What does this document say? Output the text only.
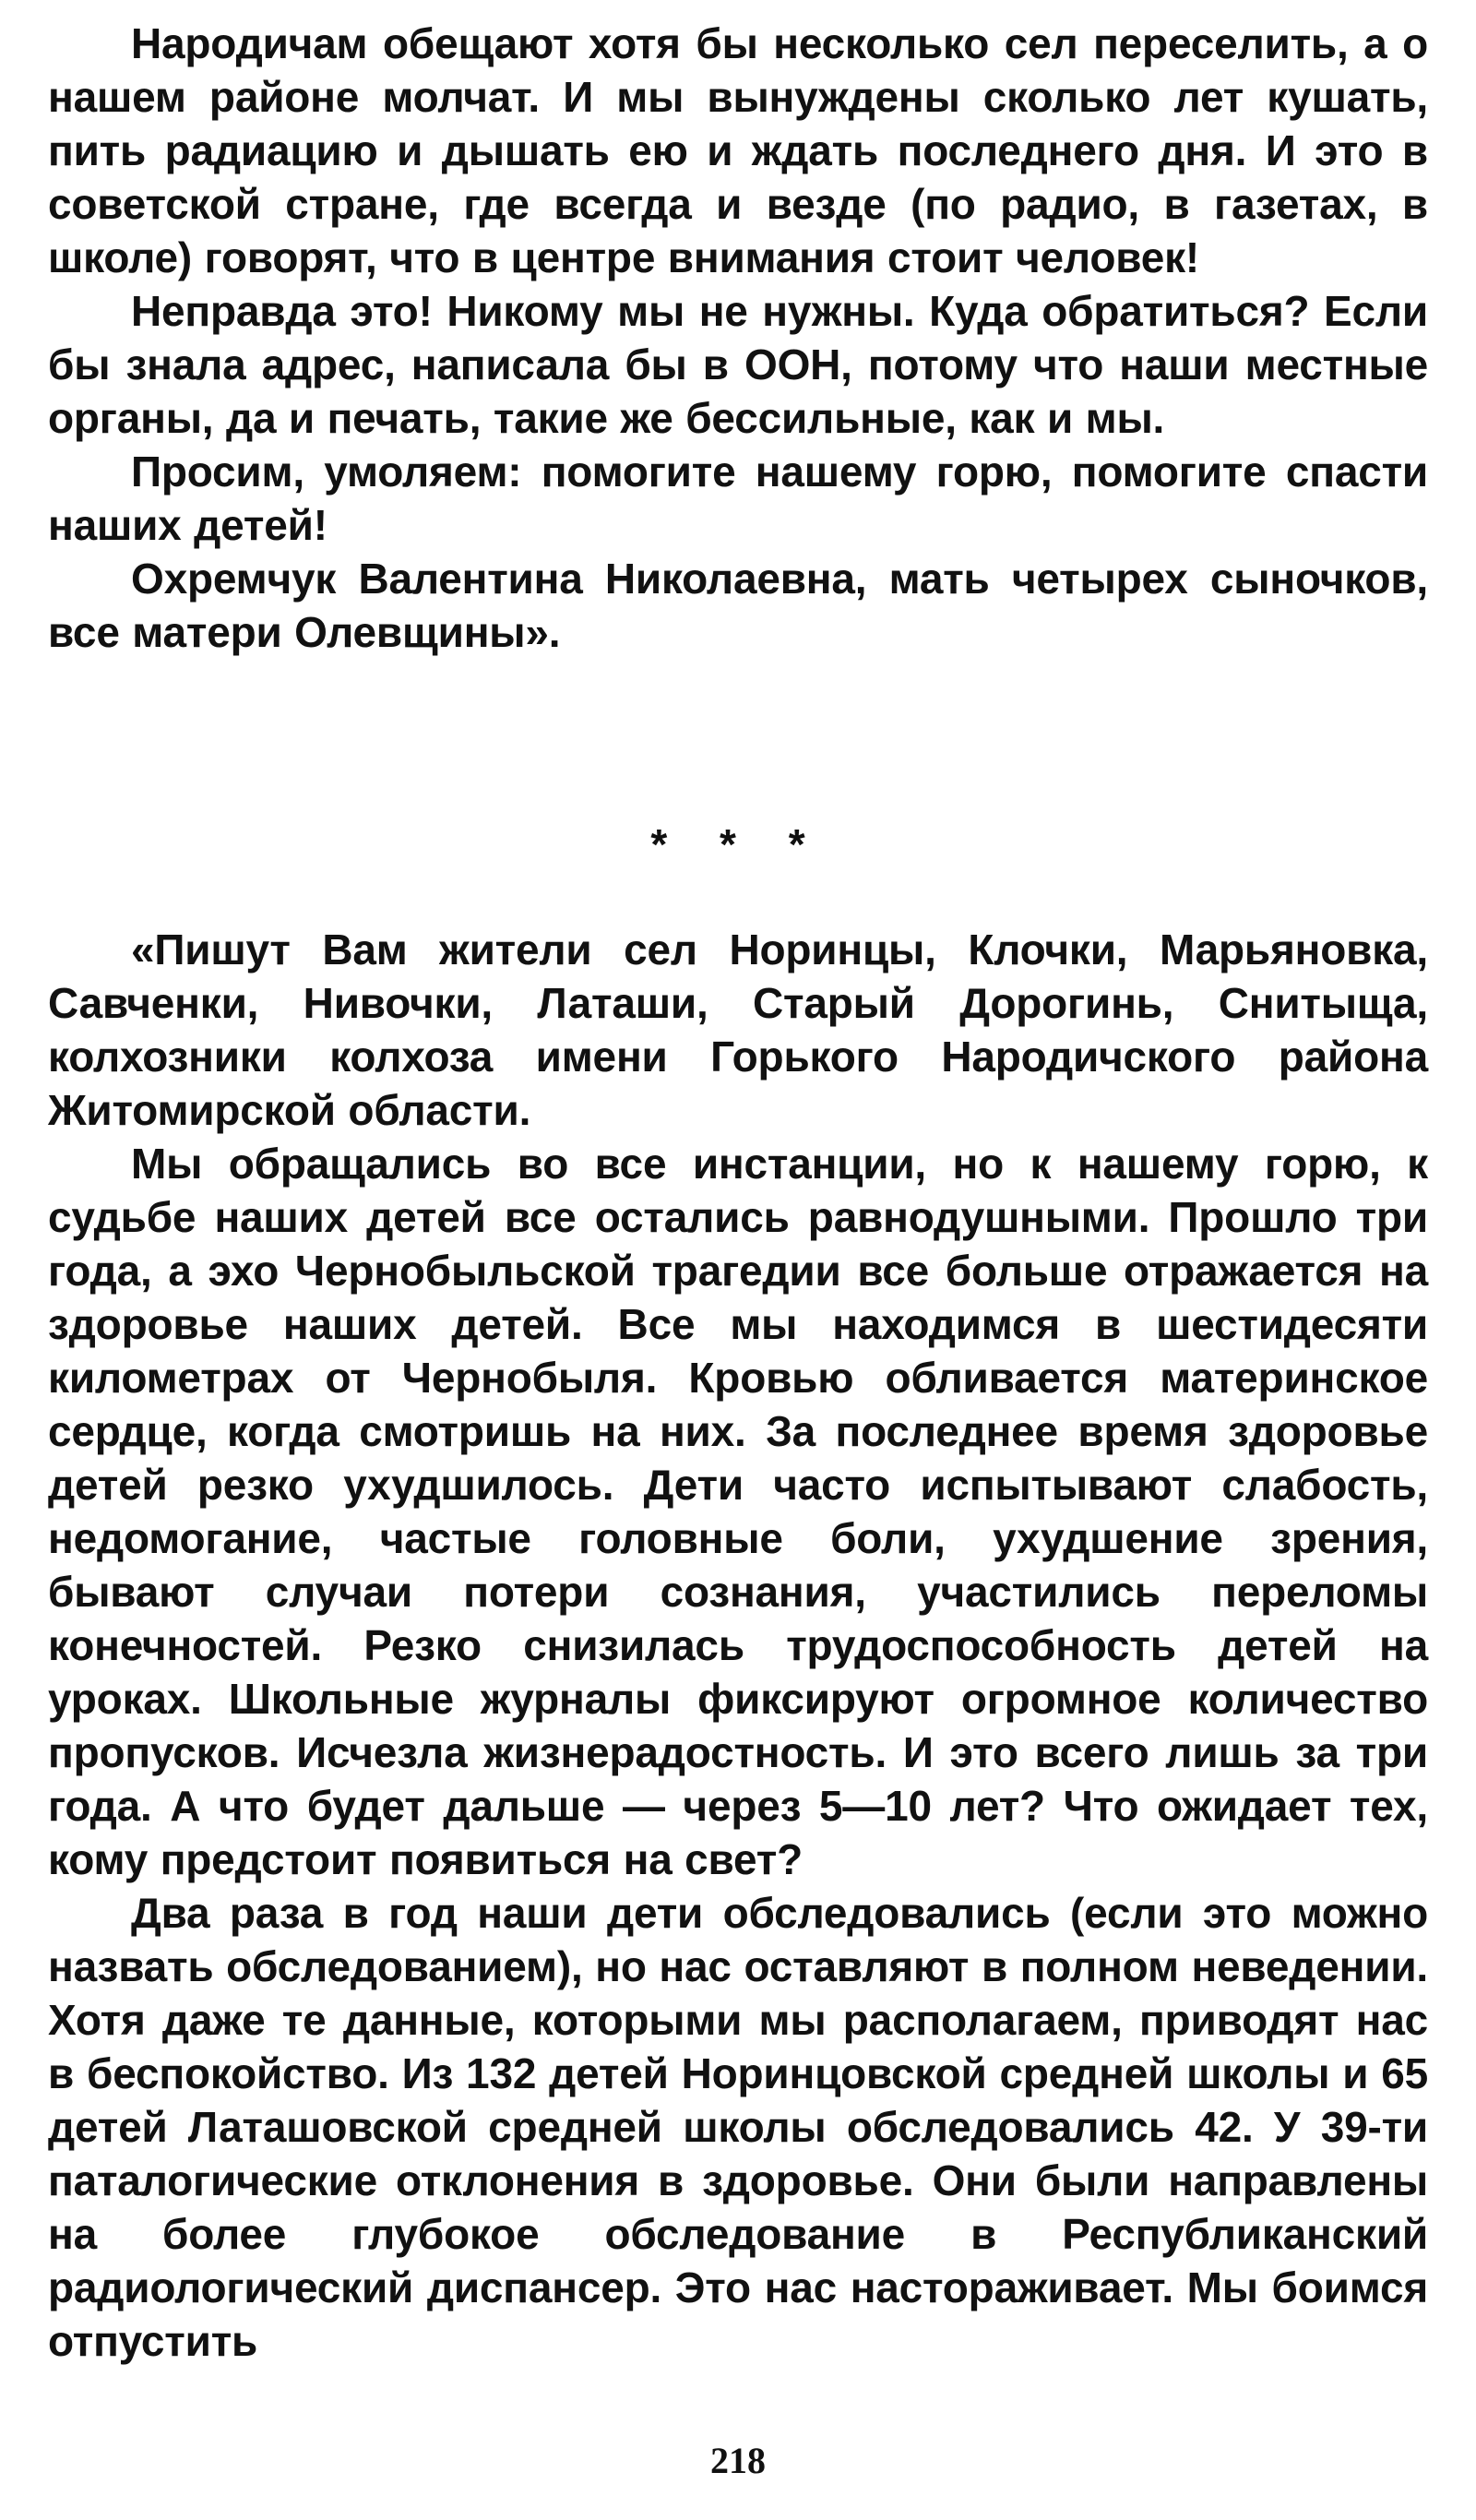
Народичам обещают хотя бы несколько сел переселить, а о нашем районе молчат. И мы вынуждены сколько лет кушать, пить радиацию и дышать ею и ждать последнего дня. И это в советской стране, где всегда и везде (по радио, в газетах, в школе) говорят, что в центре внимания стоит человек!

Неправда это! Никому мы не нужны. Куда обратиться? Если бы знала адрес, написала бы в ООН, потому что наши местные органы, да и печать, такие же бессильные, как и мы.

Просим, умоляем: помогите нашему горю, помогите спасти наших детей!

Охремчук Валентина Николаевна, мать четырех сыночков, все матери Олевщины».

* * *

«Пишут Вам жители сел Норинцы, Клочки, Марьяновка, Савченки, Нивочки, Латаши, Старый Дорогинь, Снитыща, колхозники колхоза имени Горького Народичского района Житомирской области.

Мы обращались во все инстанции, но к нашему горю, к судьбе наших детей все остались равнодушными. Прошло три года, а эхо Чернобыльской трагедии все больше отражается на здоровье наших детей. Все мы находимся в шестидесяти километрах от Чернобыля. Кровью обливается материнское сердце, когда смотришь на них. За последнее время здоровье детей резко ухудшилось. Дети часто испытывают слабость, недомогание, частые головные боли, ухудшение зрения, бывают случаи потери сознания, участились переломы конечностей. Резко снизилась трудоспособность детей на уроках. Школьные журналы фиксируют огромное количество пропусков. Исчезла жизнерадостность. И это всего лишь за три года. А что будет дальше — через 5—10 лет? Что ожидает тех, кому предстоит появиться на свет?

Два раза в год наши дети обследовались (если это можно назвать обследованием), но нас оставляют в полном неведении. Хотя даже те данные, которыми мы располагаем, приводят нас в беспокойство. Из 132 детей Норинцовской средней школы и 65 детей Латашовской средней школы обследовались 42. У 39-ти паталогические отклонения в здоровье. Они были направлены на более глубокое обследование в Республиканский радиологический диспансер. Это нас настораживает. Мы боимся отпустить

218
